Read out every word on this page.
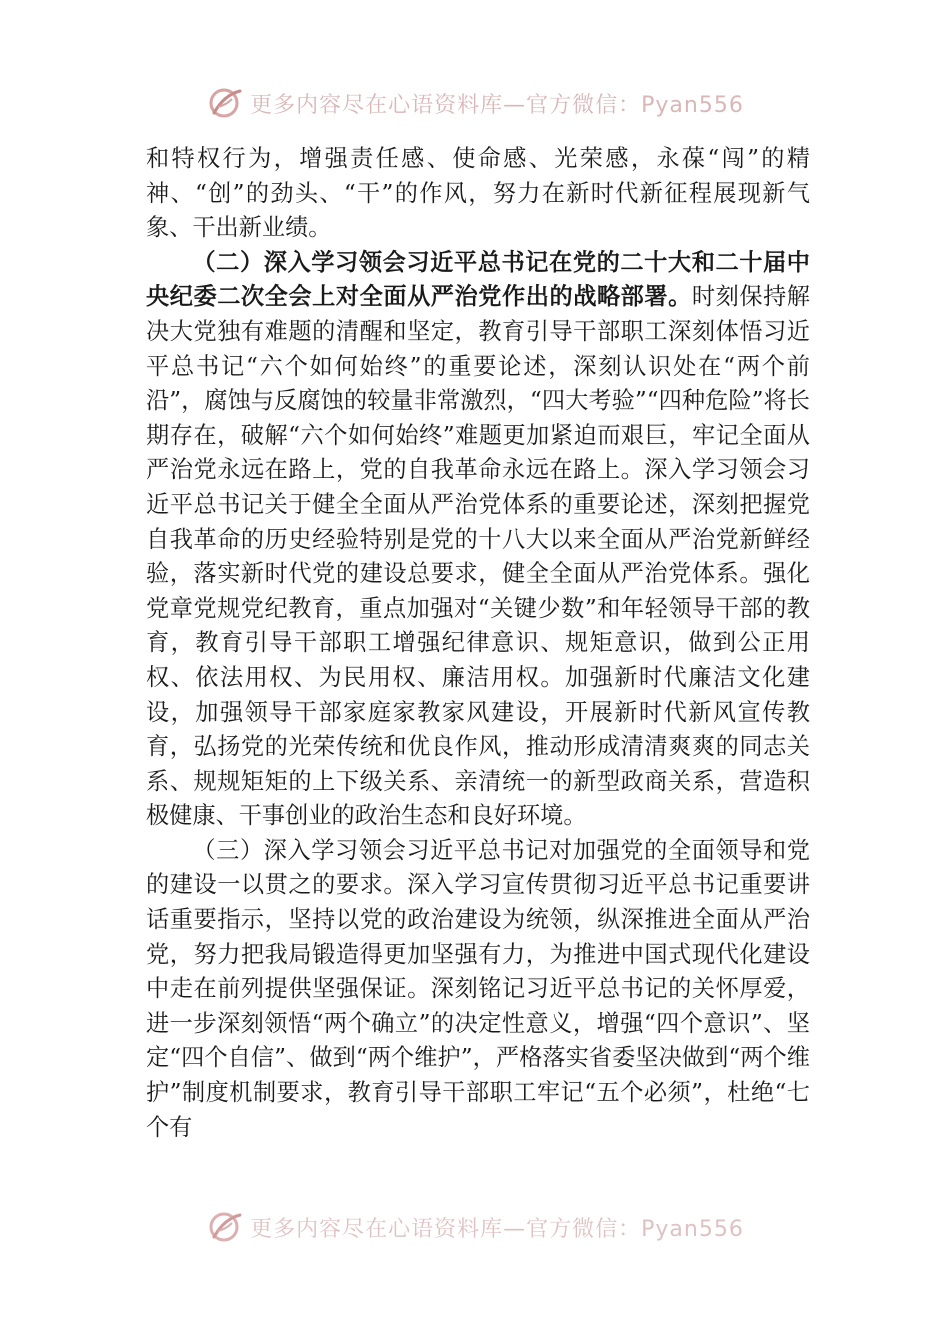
更多内容尽在心语资料库—官方微信：Pyan556

和特权行为，增强责任感、使命感、光荣感，永葆“闯”的精神、“创”的劲头、“干”的作风，努力在新时代新征程展现新气象、干出新业绩。

（二）深入学习领会习近平总书记在党的二十大和二十届中央纪委二次全会上对全面从严治党作出的战略部署。时刻保持解决大党独有难题的清醒和坚定，教育引导干部职工深刻体悟习近平总书记“六个如何始终”的重要论述，深刻认识处在“两个前沿”，腐蚀与反腐蚀的较量非常激烈，“四大考验”“四种危险”将长期存在，破解“六个如何始终”难题更加紧迫而艰巨，牢记全面从严治党永远在路上，党的自我革命永远在路上。深入学习领会习近平总书记关于健全全面从严治党体系的重要论述，深刻把握党自我革命的历史经验特别是党的十八大以来全面从严治党新鲜经验，落实新时代党的建设总要求，健全全面从严治党体系。强化党章党规党纪教育，重点加强对“关键少数”和年轻领导干部的教育，教育引导干部职工增强纪律意识、规矩意识，做到公正用权、依法用权、为民用权、廉洁用权。加强新时代廉洁文化建设，加强领导干部家庭家教家风建设，开展新时代新风宣传教育，弘扬党的光荣传统和优良作风，推动形成清清爽爽的同志关系、规规矩矩的上下级关系、亲清统一的新型政商关系，营造积极健康、干事创业的政治生态和良好环境。

（三）深入学习领会习近平总书记对加强党的全面领导和党的建设一以贯之的要求。深入学习宣传贯彻习近平总书记重要讲话重要指示，坚持以党的政治建设为统领，纵深推进全面从严治党，努力把我局锻造得更加坚强有力，为推进中国式现代化建设中走在前列提供坚强保证。深刻铭记习近平总书记的关怀厚爱，进一步深刻领悟“两个确立”的决定性意义，增强“四个意识”、坚定“四个自信”、做到“两个维护”，严格落实省委坚决做到“两个维护”制度机制要求，教育引导干部职工牢记“五个必须”，杜绝“七个有

更多内容尽在心语资料库—官方微信：Pyan556
